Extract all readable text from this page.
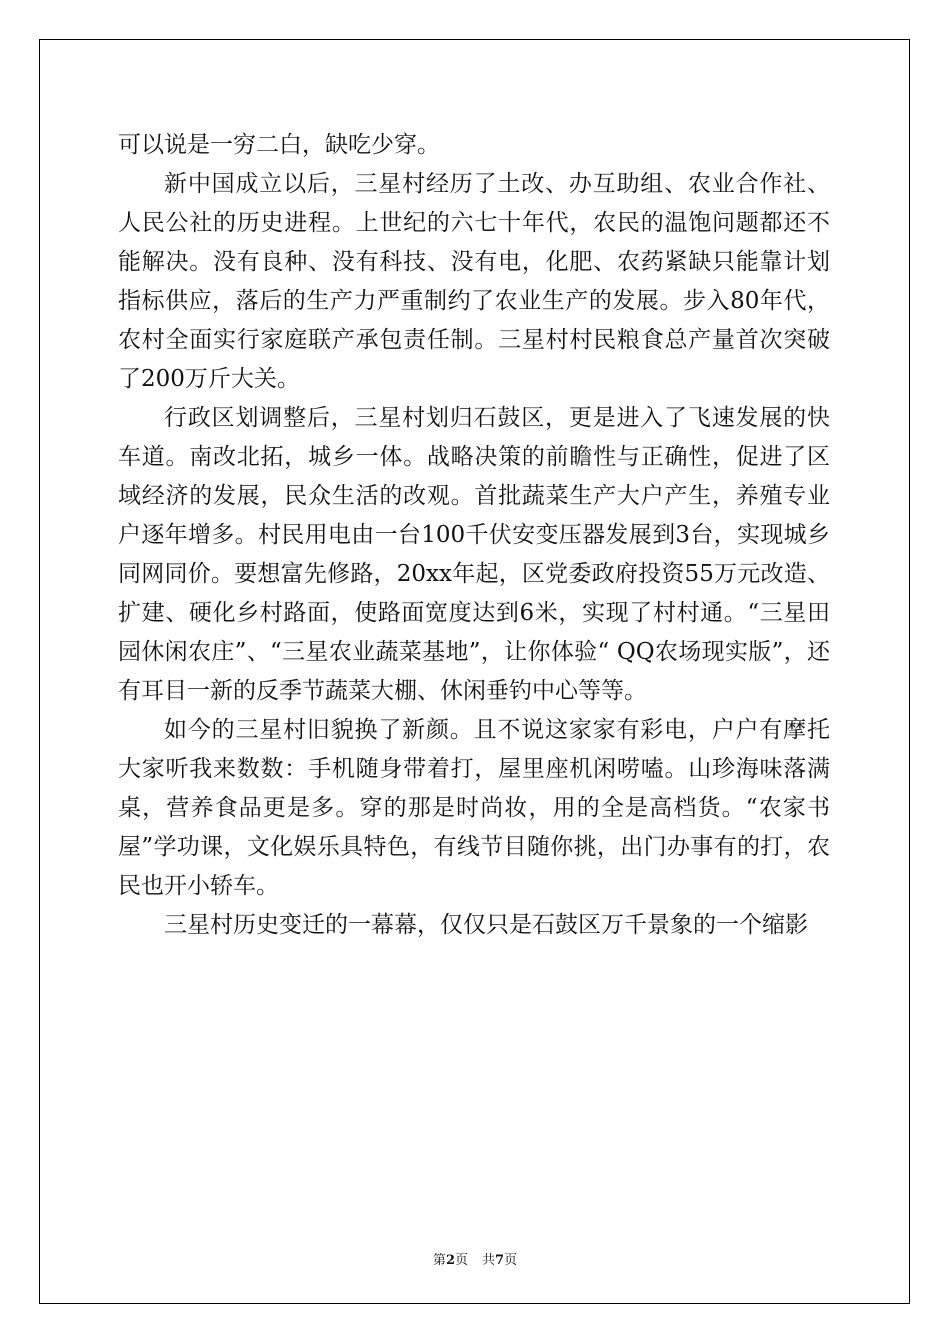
可以说是一穷二白，缺吃少穿。

新中国成立以后，三星村经历了土改、办互助组、农业合作社、人民公社的历史进程。上世纪的六七十年代，农民的温饱问题都还不能解决。没有良种、没有科技、没有电，化肥、农药紧缺只能靠计划指标供应，落后的生产力严重制约了农业生产的发展。步入80年代，农村全面实行家庭联产承包责任制。三星村村民粮食总产量首次突破了200万斤大关。

行政区划调整后，三星村划归石鼓区，更是进入了飞速发展的快车道。南改北拓，城乡一体。战略决策的前瞻性与正确性，促进了区域经济的发展，民众生活的改观。首批蔬菜生产大户产生，养殖专业户逐年增多。村民用电由一台100千伏安变压器发展到3台，实现城乡同网同价。要想富先修路，20xx年起，区党委政府投资55万元改造、扩建、硬化乡村路面，使路面宽度达到6米，实现了村村通。“三星田园休闲农庄”、“三星农业蔬菜基地”，让你体验“ QQ农场现实版”，还有耳目一新的反季节蔬菜大棚、休闲垂钓中心等等。

如今的三星村旧貌换了新颜。且不说这家家有彩电，户户有摩托大家听我来数数：手机随身带着打，屋里座机闲唠嗑。山珍海味落满桌，营养食品更是多。穿的那是时尚妆，用的全是高档货。“农家书屋”学功课，文化娱乐具特色，有线节目随你挑，出门办事有的打，农民也开小轿车。

三星村历史变迁的一幕幕，仅仅只是石鼓区万千景象的一个缩影

第2页 共7页
